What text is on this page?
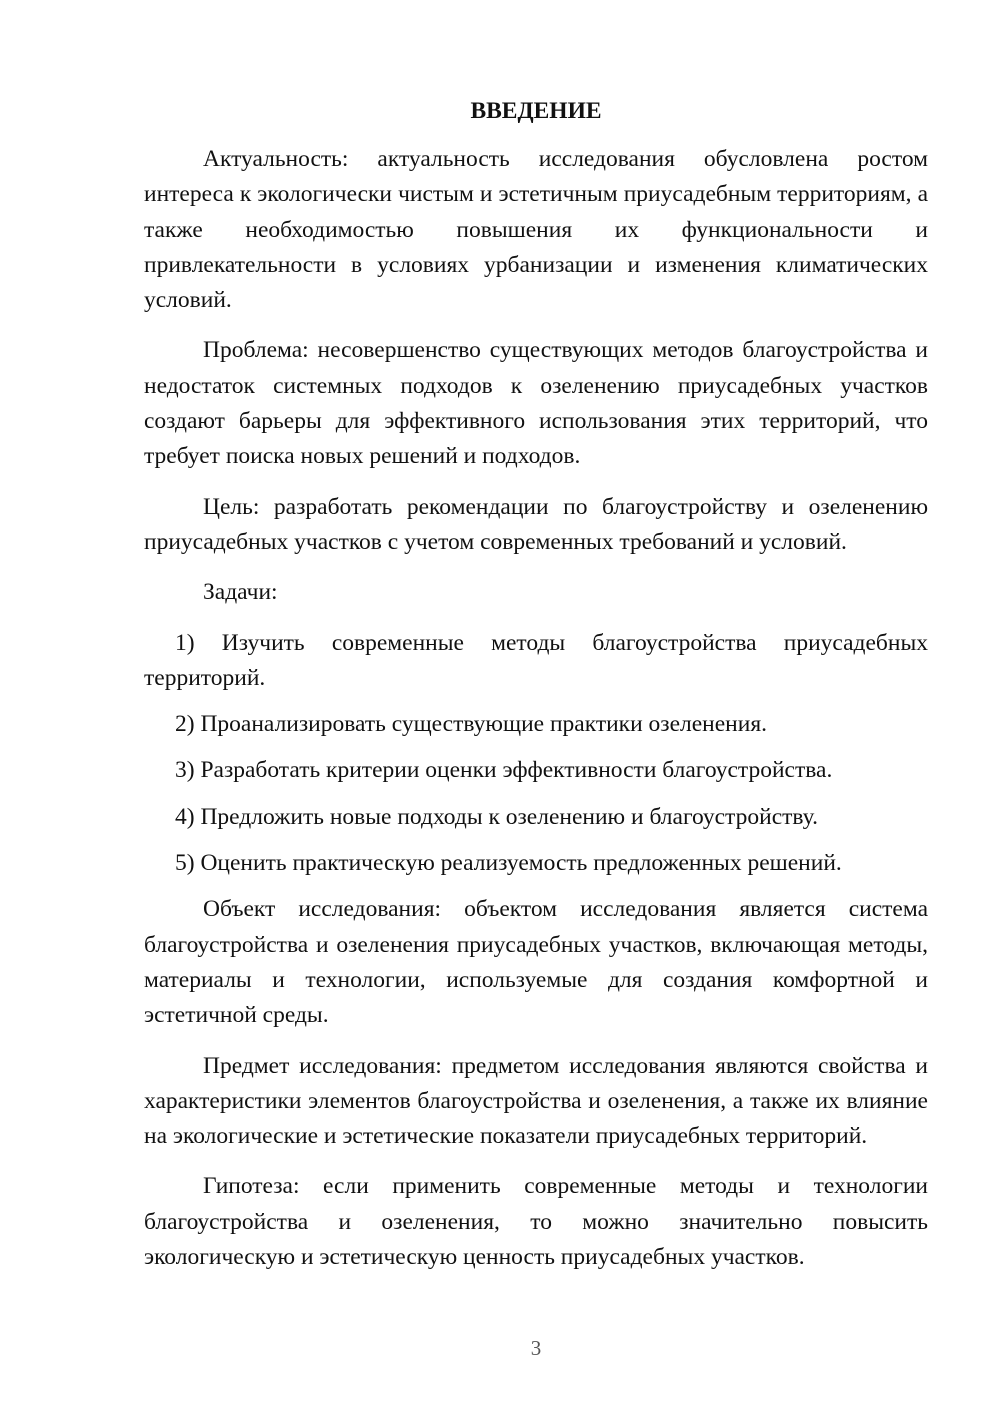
ВВЕДЕНИЕ

Актуальность: актуальность исследования обусловлена ростом интереса к экологически чистым и эстетичным приусадебным территориям, а также необходимостью повышения их функциональности и привлекательности в условиях урбанизации и изменения климатических условий.

Проблема: несовершенство существующих методов благоустройства и недостаток системных подходов к озеленению приусадебных участков создают барьеры для эффективного использования этих территорий, что требует поиска новых решений и подходов.

Цель: разработать рекомендации по благоустройству и озеленению приусадебных участков с учетом современных требований и условий.

Задачи:

1) Изучить современные методы благоустройства приусадебных территорий.

2) Проанализировать существующие практики озеленения.

3) Разработать критерии оценки эффективности благоустройства.

4) Предложить новые подходы к озеленению и благоустройству.

5) Оценить практическую реализуемость предложенных решений.

Объект исследования: объектом исследования является система благоустройства и озеленения приусадебных участков, включающая методы, материалы и технологии, используемые для создания комфортной и эстетичной среды.

Предмет исследования: предметом исследования являются свойства и характеристики элементов благоустройства и озеленения, а также их влияние на экологические и эстетические показатели приусадебных территорий.

Гипотеза: если применить современные методы и технологии благоустройства и озеленения, то можно значительно повысить экологическую и эстетическую ценность приусадебных участков.

3
